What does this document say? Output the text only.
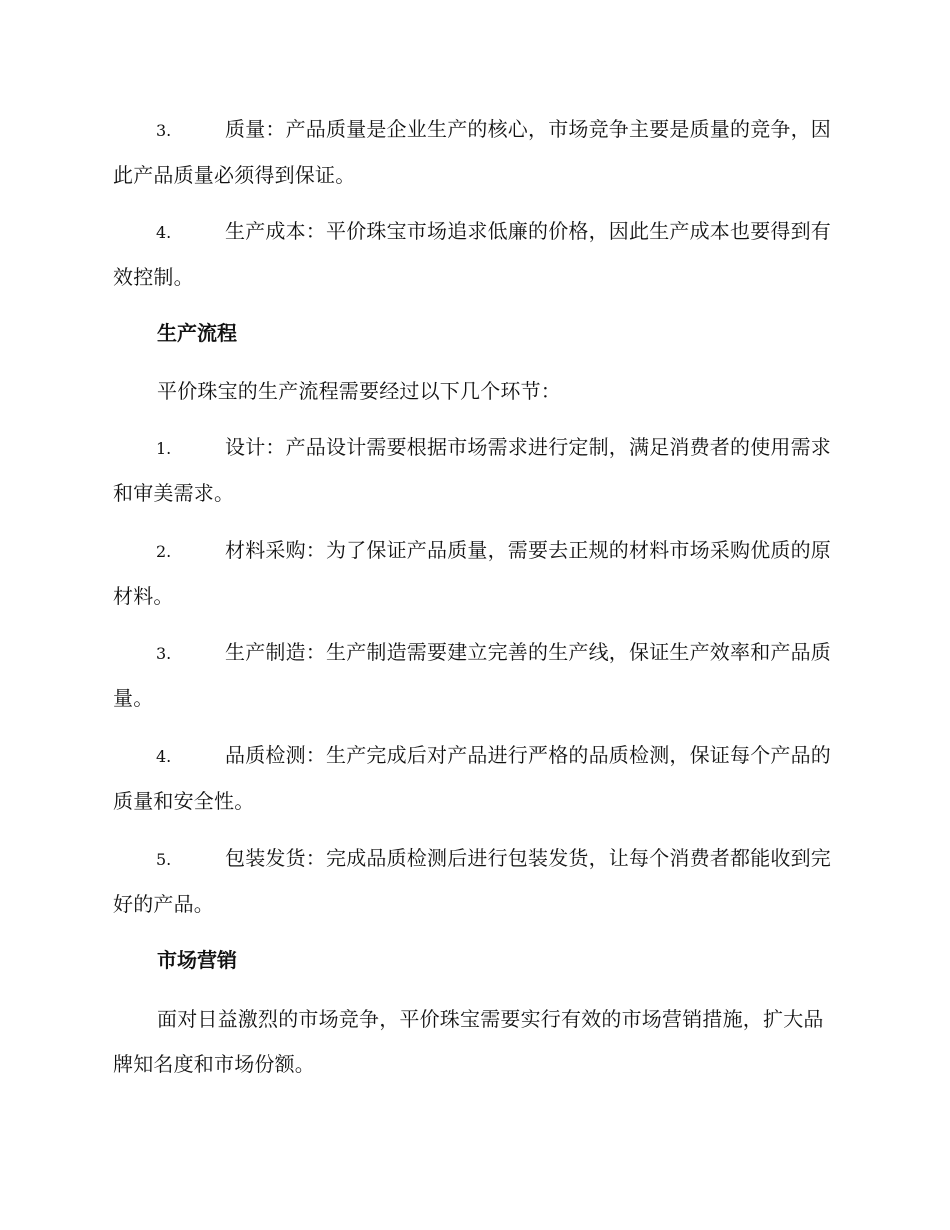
3.	质量：产品质量是企业生产的核心，市场竞争主要是质量的竞争，因此产品质量必须得到保证。

4.	生产成本：平价珠宝市场追求低廉的价格，因此生产成本也要得到有效控制。

生产流程

平价珠宝的生产流程需要经过以下几个环节：

1.	设计：产品设计需要根据市场需求进行定制，满足消费者的使用需求和审美需求。

2.	材料采购：为了保证产品质量，需要去正规的材料市场采购优质的原材料。

3.	生产制造：生产制造需要建立完善的生产线，保证生产效率和产品质量。

4.	品质检测：生产完成后对产品进行严格的品质检测，保证每个产品的质量和安全性。

5.	包装发货：完成品质检测后进行包装发货，让每个消费者都能收到完好的产品。

市场营销

面对日益激烈的市场竞争，平价珠宝需要实行有效的市场营销措施，扩大品牌知名度和市场份额。
